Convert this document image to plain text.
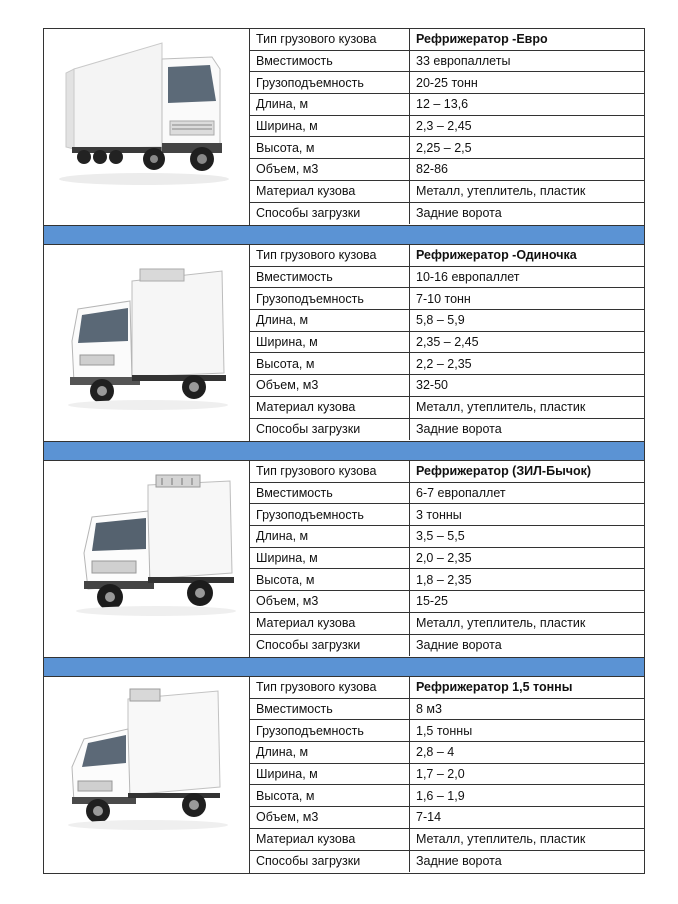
Тип грузового кузова	Рефрижератор -Евро
Вместимость	33 европаллеты
Грузоподъемность	20-25 тонн
Длина, м	12 – 13,6
Ширина, м	2,3 – 2,45
Высота, м	2,25 – 2,5
Объем, м3	82-86
Материал кузова	Металл, утеплитель, пластик
Способы загрузки	Задние ворота
Тип грузового кузова	Рефрижератор -Одиночка
Вместимость	10-16 европаллет
Грузоподъемность	7-10 тонн
Длина, м	5,8 – 5,9
Ширина, м	2,35 – 2,45
Высота, м	2,2 – 2,35
Объем, м3	32-50
Материал кузова	Металл, утеплитель, пластик
Способы загрузки	Задние ворота
Тип грузового кузова	Рефрижератор (ЗИЛ-Бычок)
Вместимость	6-7 европаллет
Грузоподъемность	3 тонны
Длина, м	3,5 – 5,5
Ширина, м	2,0 – 2,35
Высота, м	1,8 – 2,35
Объем, м3	15-25
Материал кузова	Металл, утеплитель, пластик
Способы загрузки	Задние ворота
Тип грузового кузова	Рефрижератор 1,5 тонны
Вместимость	8 м3
Грузоподъемность	1,5 тонны
Длина, м	2,8 – 4
Ширина, м	1,7 – 2,0
Высота, м	1,6 – 1,9
Объем, м3	7-14
Материал кузова	Металл, утеплитель, пластик
Способы загрузки	Задние ворота
